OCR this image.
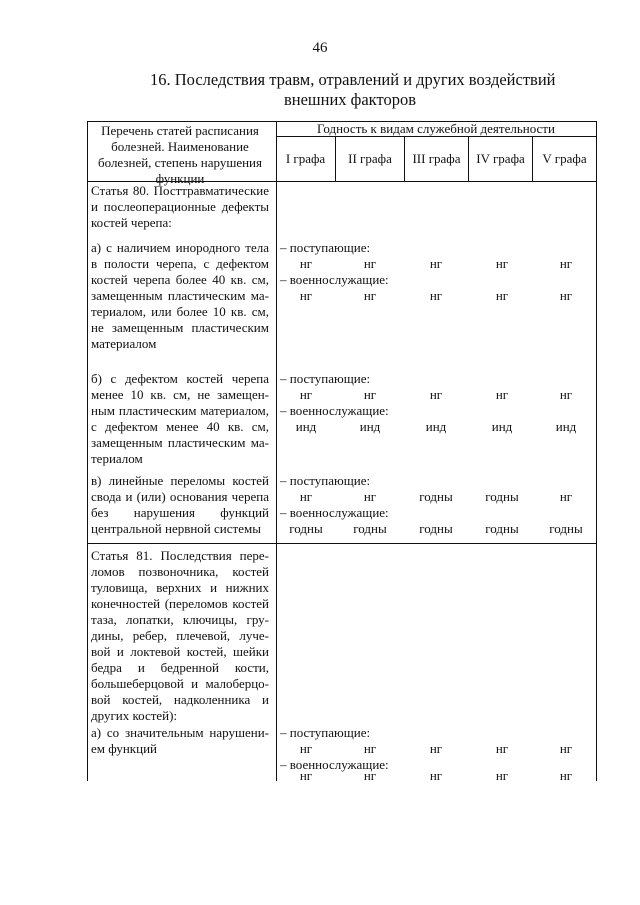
46
16. Последствия травм, отравлений и других воздействий
внешних факторов
Перечень статей расписания
болезней. Наименование
болезней, степень нарушения
функции
Годность к видам служебной деятельности
I графа	II графа	III графа	IV графа	V графа
Статья 80. Посттравматические
и послеоперационные дефекты
костей черепа:
а) с наличием инородного тела
в полости черепа, с дефектом
костей черепа более 40 кв. см,
замещенным пластическим ма-
териалом, или более 10 кв. см,
не замещенным пластическим
материалом
– поступающие:
нг	нг	нг	нг	нг
– военнослужащие:
нг	нг	нг	нг	нг
б) с дефектом костей черепа
менее 10 кв. см, не замещен-
ным пластическим материалом,
с дефектом менее 40 кв. см,
замещенным пластическим ма-
териалом
– поступающие:
нг	нг	нг	нг	нг
– военнослужащие:
инд	инд	инд	инд	инд
в) линейные переломы костей
свода и (или) основания черепа
без нарушения функций
центральной нервной системы
– поступающие:
нг	нг	годны	годны	нг
– военнослужащие:
годны	годны	годны	годны	годны
Статья 81. Последствия пере-
ломов позвоночника, костей
туловища, верхних и нижних
конечностей (переломов костей
таза, лопатки, ключицы, гру-
дины, ребер, плечевой, луче-
вой и локтевой костей, шейки
бедра и бедренной кости,
большеберцовой и малоберцо-
вой костей, надколенника и
других костей):
а) со значительным нарушени-
ем функций
– поступающие:
нг	нг	нг	нг	нг
– военнослужащие:
нг	нг	нг	нг	нг
